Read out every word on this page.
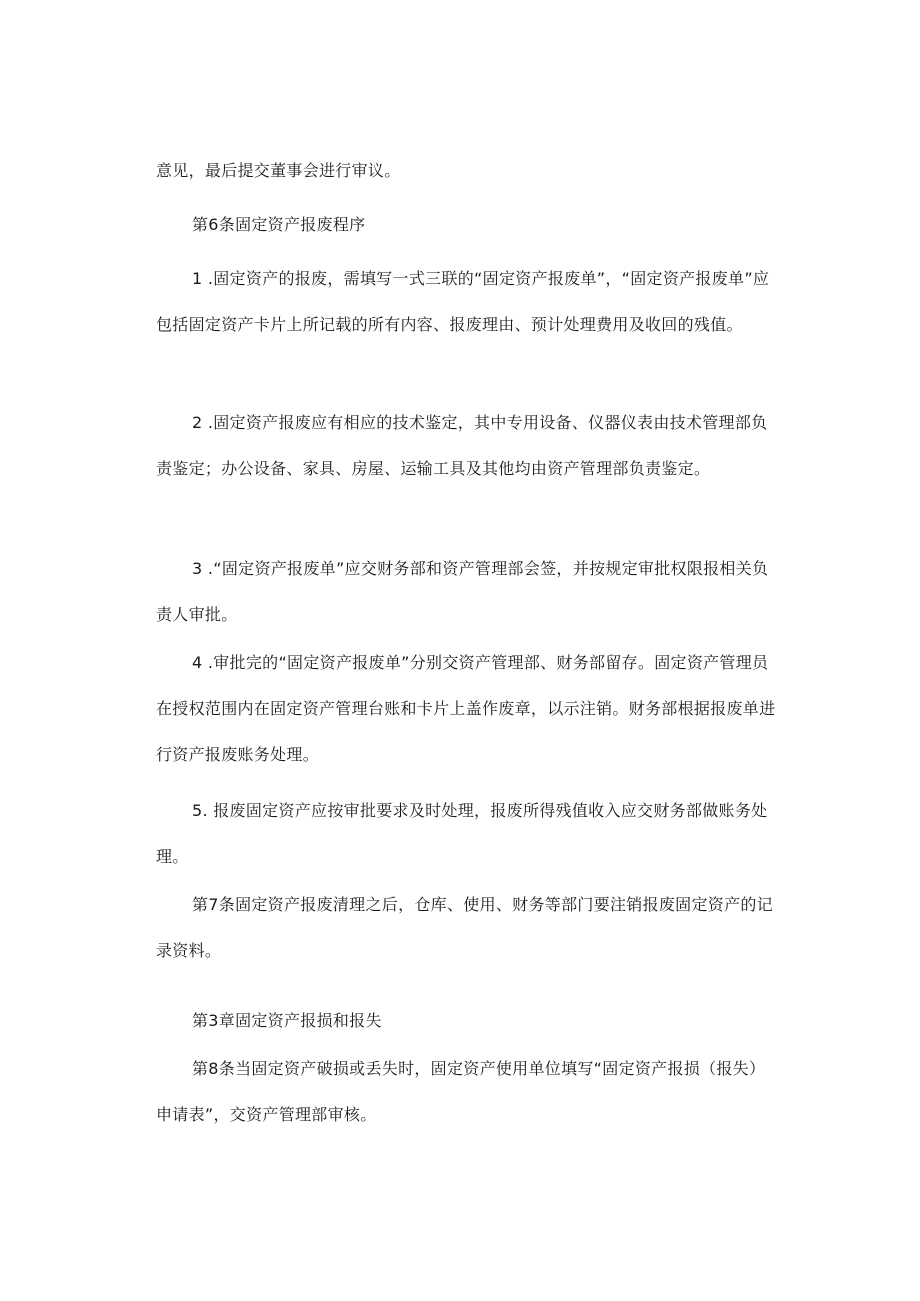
意见，最后提交董事会进行审议。

第6条固定资产报废程序

1 .固定资产的报废，需填写一式三联的“固定资产报废单”，“固定资产报废单”应包括固定资产卡片上所记载的所有内容、报废理由、预计处理费用及收回的残值。

2 .固定资产报废应有相应的技术鉴定，其中专用设备、仪器仪表由技术管理部负责鉴定；办公设备、家具、房屋、运输工具及其他均由资产管理部负责鉴定。

3 .“固定资产报废单”应交财务部和资产管理部会签，并按规定审批权限报相关负责人审批。

4 .审批完的“固定资产报废单”分别交资产管理部、财务部留存。固定资产管理员在授权范围内在固定资产管理台账和卡片上盖作废章，以示注销。财务部根据报废单进行资产报废账务处理。

5. 报废固定资产应按审批要求及时处理，报废所得残值收入应交财务部做账务处理。

第7条固定资产报废清理之后，仓库、使用、财务等部门要注销报废固定资产的记录资料。

第3章固定资产报损和报失

第8条当固定资产破损或丢失时，固定资产使用单位填写“固定资产报损（报失）申请表”，交资产管理部审核。
